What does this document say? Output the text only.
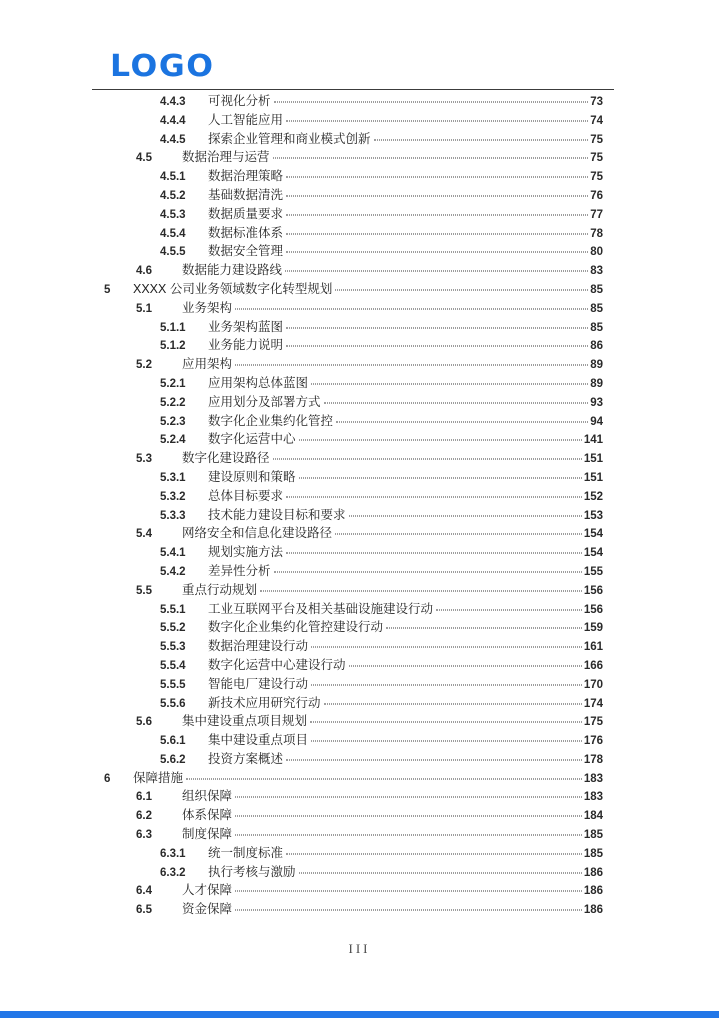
LOGO
4.4.3	可视化分析	73
4.4.4	人工智能应用	74
4.4.5	探索企业管理和商业模式创新	75
4.5	数据治理与运营	75
4.5.1	数据治理策略	75
4.5.2	基础数据清洗	76
4.5.3	数据质量要求	77
4.5.4	数据标准体系	78
4.5.5	数据安全管理	80
4.6	数据能力建设路线	83
5	XXXX 公司业务领域数字化转型规划	85
5.1	业务架构	85
5.1.1	业务架构蓝图	85
5.1.2	业务能力说明	86
5.2	应用架构	89
5.2.1	应用架构总体蓝图	89
5.2.2	应用划分及部署方式	93
5.2.3	数字化企业集约化管控	94
5.2.4	数字化运营中心	141
5.3	数字化建设路径	151
5.3.1	建设原则和策略	151
5.3.2	总体目标要求	152
5.3.3	技术能力建设目标和要求	153
5.4	网络安全和信息化建设路径	154
5.4.1	规划实施方法	154
5.4.2	差异性分析	155
5.5	重点行动规划	156
5.5.1	工业互联网平台及相关基础设施建设行动	156
5.5.2	数字化企业集约化管控建设行动	159
5.5.3	数据治理建设行动	161
5.5.4	数字化运营中心建设行动	166
5.5.5	智能电厂建设行动	170
5.5.6	新技术应用研究行动	174
5.6	集中建设重点项目规划	175
5.6.1	集中建设重点项目	176
5.6.2	投资方案概述	178
6	保障措施	183
6.1	组织保障	183
6.2	体系保障	184
6.3	制度保障	185
6.3.1	统一制度标准	185
6.3.2	执行考核与激励	186
6.4	人才保障	186
6.5	资金保障	186
III
